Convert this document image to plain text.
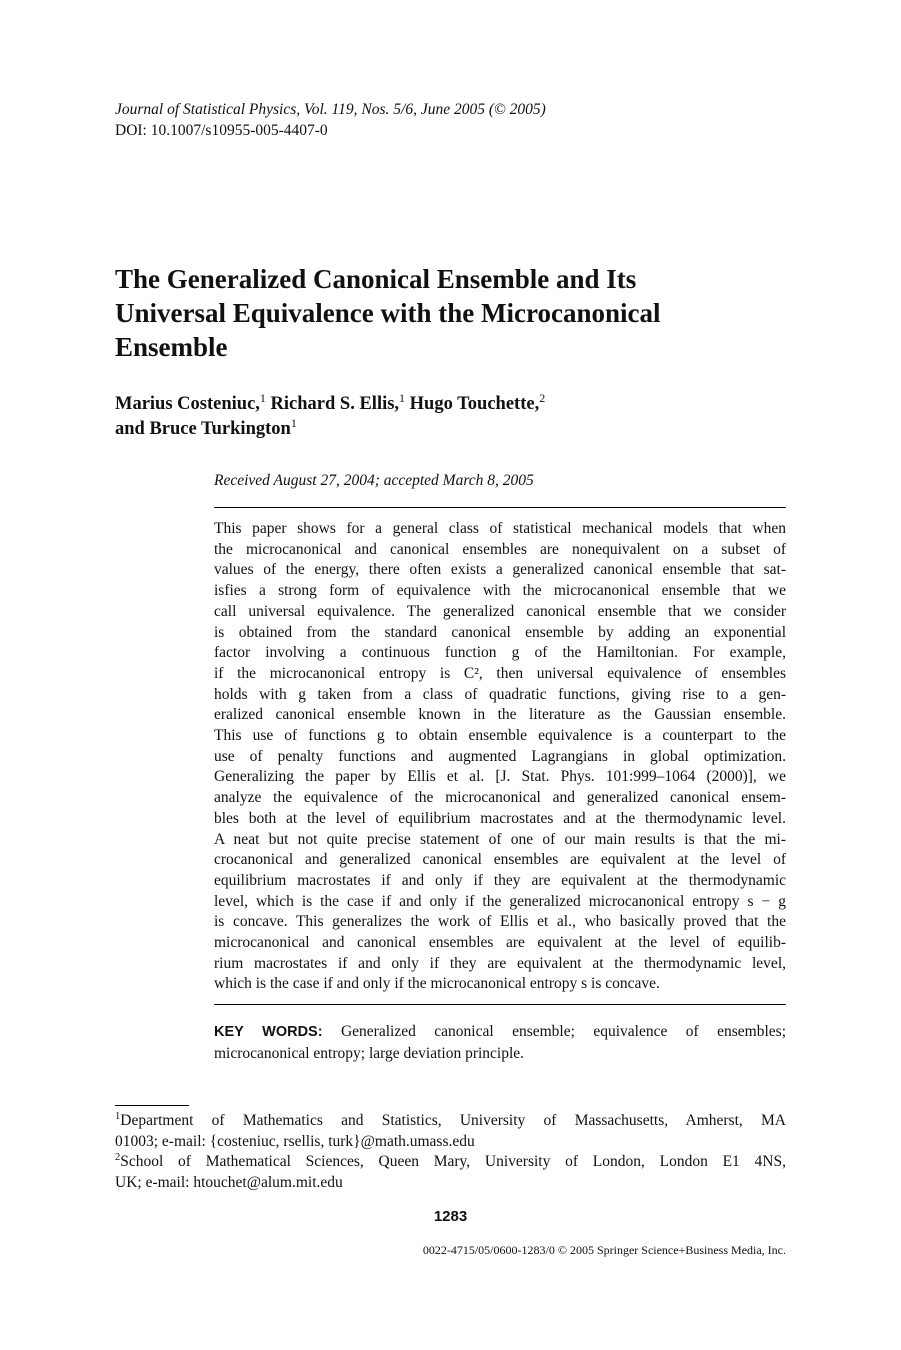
Journal of Statistical Physics, Vol. 119, Nos. 5/6, June 2005 (© 2005)
DOI: 10.1007/s10955-005-4407-0
The Generalized Canonical Ensemble and Its
Universal Equivalence with the Microcanonical
Ensemble
Marius Costeniuc,$^1$ Richard S. Ellis,$^1$ Hugo Touchette,$^2$
and Bruce Turkington$^1$
Received August 27, 2004; accepted March 8, 2005
This paper shows for a general class of statistical mechanical models that when
the microcanonical and canonical ensembles are nonequivalent on a subset of
values of the energy, there often exists a generalized canonical ensemble that sat-
isfies a strong form of equivalence with the microcanonical ensemble that we
call universal equivalence. The generalized canonical ensemble that we consider
is obtained from the standard canonical ensemble by adding an exponential
factor involving a continuous function g of the Hamiltonian. For example,
if the microcanonical entropy is C², then universal equivalence of ensembles
holds with g taken from a class of quadratic functions, giving rise to a gen-
eralized canonical ensemble known in the literature as the Gaussian ensemble.
This use of functions g to obtain ensemble equivalence is a counterpart to the
use of penalty functions and augmented Lagrangians in global optimization.
Generalizing the paper by Ellis et al. [J. Stat. Phys. 101:999–1064 (2000)], we
analyze the equivalence of the microcanonical and generalized canonical ensem-
bles both at the level of equilibrium macrostates and at the thermodynamic level.
A neat but not quite precise statement of one of our main results is that the mi-
crocanonical and generalized canonical ensembles are equivalent at the level of
equilibrium macrostates if and only if they are equivalent at the thermodynamic
level, which is the case if and only if the generalized microcanonical entropy s − g
is concave. This generalizes the work of Ellis et al., who basically proved that the
microcanonical and canonical ensembles are equivalent at the level of equilib-
rium macrostates if and only if they are equivalent at the thermodynamic level,
which is the case if and only if the microcanonical entropy s is concave.
KEY WORDS: Generalized canonical ensemble; equivalence of ensembles;
microcanonical entropy; large deviation principle.
$^1$Department of Mathematics and Statistics, University of Massachusetts, Amherst, MA
01003; e-mail: {costeniuc, rsellis, turk}@math.umass.edu
$^2$School of Mathematical Sciences, Queen Mary, University of London, London E1 4NS,
UK; e-mail: htouchet@alum.mit.edu
1283
0022-4715/05/0600-1283/0 © 2005 Springer Science+Business Media, Inc.
